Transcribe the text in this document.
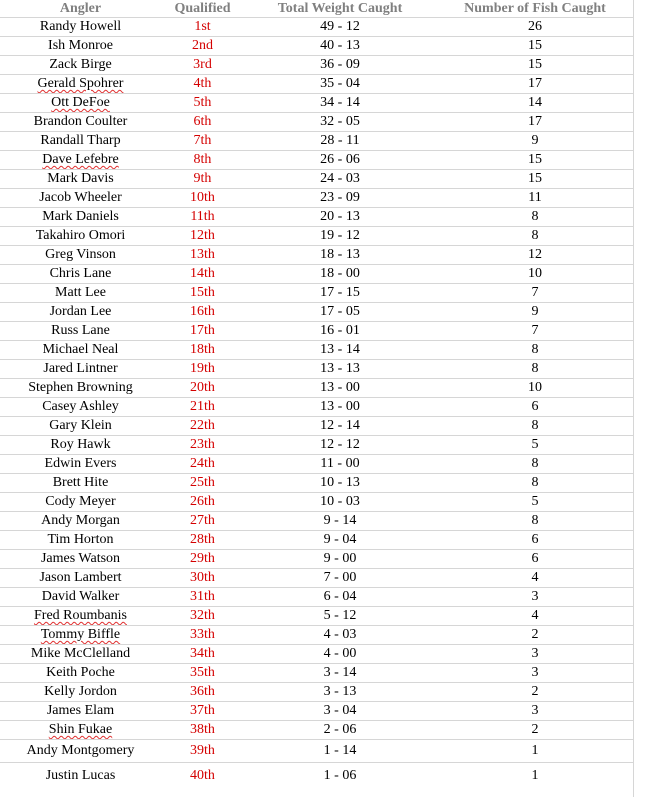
Angler	Qualified	Total Weight Caught	Number of Fish Caught
Randy Howell	1st	49 - 12	26
Ish Monroe	2nd	40 - 13	15
Zack Birge	3rd	36 - 09	15
Gerald Spohrer	4th	35 - 04	17
Ott DeFoe	5th	34 - 14	14
Brandon Coulter	6th	32 - 05	17
Randall Tharp	7th	28 - 11	9
Dave Lefebre	8th	26 - 06	15
Mark Davis	9th	24 - 03	15
Jacob Wheeler	10th	23 - 09	11
Mark Daniels	11th	20 - 13	8
Takahiro Omori	12th	19 - 12	8
Greg Vinson	13th	18 - 13	12
Chris Lane	14th	18 - 00	10
Matt Lee	15th	17 - 15	7
Jordan Lee	16th	17 - 05	9
Russ Lane	17th	16 - 01	7
Michael Neal	18th	13 - 14	8
Jared Lintner	19th	13 - 13	8
Stephen Browning	20th	13 - 00	10
Casey Ashley	21th	13 - 00	6
Gary Klein	22th	12 - 14	8
Roy Hawk	23th	12 - 12	5
Edwin Evers	24th	11 - 00	8
Brett Hite	25th	10 - 13	8
Cody Meyer	26th	10 - 03	5
Andy Morgan	27th	9 - 14	8
Tim Horton	28th	9 - 04	6
James Watson	29th	9 - 00	6
Jason Lambert	30th	7 - 00	4
David Walker	31th	6 - 04	3
Fred Roumbanis	32th	5 - 12	4
Tommy Biffle	33th	4 - 03	2
Mike McClelland	34th	4 - 00	3
Keith Poche	35th	3 - 14	3
Kelly Jordon	36th	3 - 13	2
James Elam	37th	3 - 04	3
Shin Fukae	38th	2 - 06	2
Andy Montgomery	39th	1 - 14	1
Justin Lucas	40th	1 - 06	1
